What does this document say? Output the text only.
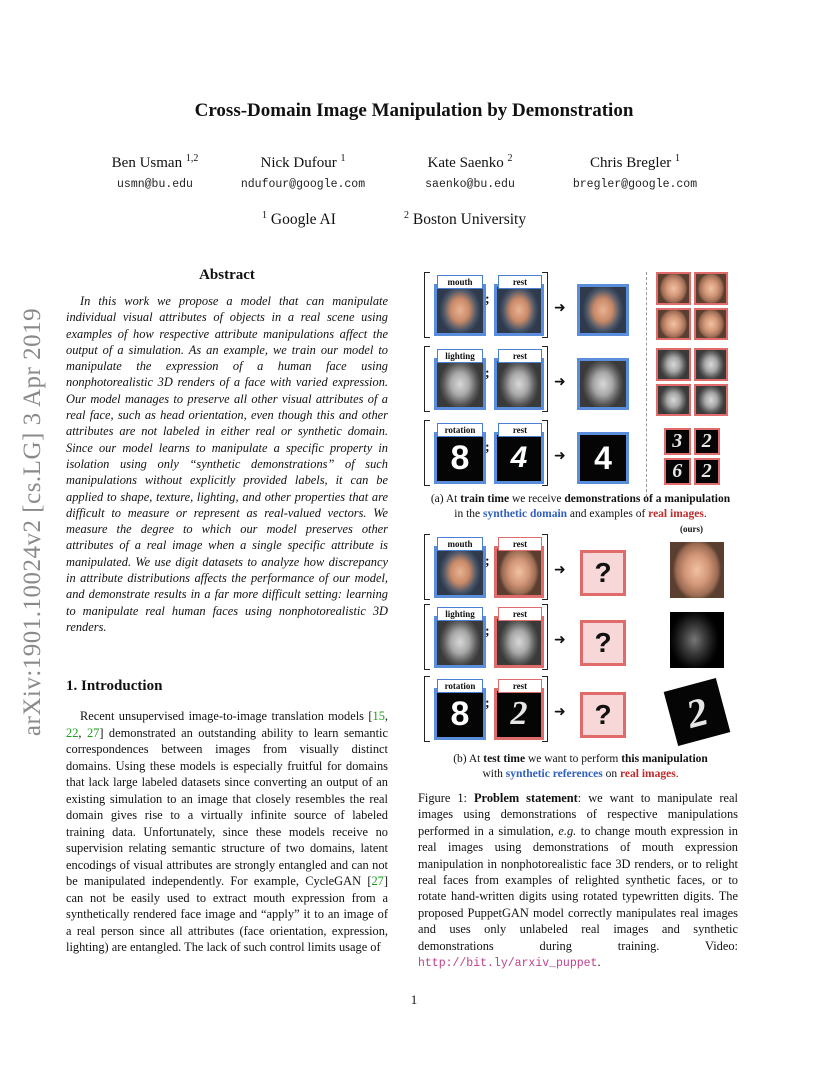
Cross-Domain Image Manipulation by Demonstration
Ben Usman $^{1,2}$	Nick Dufour $^1$	Kate Saenko $^2$	Chris Bregler $^1$
usmn@bu.edu	ndufour@google.com	saenko@bu.edu	bregler@google.com
$^1$ Google AI	$^2$ Boston University
arXiv:1901.10024v2 [cs.LG] 3 Apr 2019
Abstract

In this work we propose a model that can manipulate individual visual attributes of objects in a real scene using examples of how respective attribute manipulations affect the output of a simulation. As an example, we train our model to manipulate the expression of a human face using nonphotorealistic 3D renders of a face with varied expression. Our model manages to preserve all other visual attributes of a real face, such as head orientation, even though this and other attributes are not labeled in either real or synthetic domain. Since our model learns to manipulate a specific property in isolation using only “synthetic demonstrations” of such manipulations without explicitly provided labels, it can be applied to shape, texture, lighting, and other properties that are difficult to measure or represent as real-valued vectors. We measure the degree to which our model preserves other attributes of a real image when a single specific attribute is manipulated. We use digit datasets to analyze how discrepancy in attribute distributions affects the performance of our model, and demonstrate results in a far more difficult setting: learning to manipulate real human faces using nonphotorealistic 3D renders.

1. Introduction

Recent unsupervised image-to-image translation models [15, 22, 27] demonstrated an outstanding ability to learn semantic correspondences between images from visually distinct domains. Using these models is especially fruitful for domains that lack large labeled datasets since converting an output of an existing simulation to an image that closely resembles the real domain gives rise to a virtually infinite source of labeled training data. Unfortunately, since these models receive no supervision relating semantic structure of two domains, latent encodings of visual attributes are strongly entangled and can not be manipulated independently. For example, CycleGAN [27] can not be easily used to extract mouth expression from a synthetically rendered face image and “apply” it to an image of a real person since all attributes (face orientation, expression, lighting) are entangled. The lack of such control limits usage of

mouth
;
rest
➜
lighting
;
rest
➜
8
rotation
; 4
rest
➜ 4	3 2
6 2
(a) At train time we receive demonstrations of a manipulation
in the synthetic domain and examples of real images.
(ours)
mouth
;
rest
➜	?
lighting
;
rest
➜	?
8
rotation
; 2
rest
➜	?	2
(b) At test time we want to perform this manipulation
with synthetic references on real images.

Figure 1: Problem statement: we want to manipulate real images using demonstrations of respective manipulations performed in a simulation, e.g. to change mouth expression in real images using demonstrations of mouth expression manipulation in nonphotorealistic face 3D renders, or to relight real faces from examples of relighted synthetic faces, or to rotate hand-written digits using rotated typewritten digits. The proposed PuppetGAN model correctly manipulates real images and uses only unlabeled real images and synthetic demonstrations during training. Video: http://bit.ly/arxiv_puppet.

1
